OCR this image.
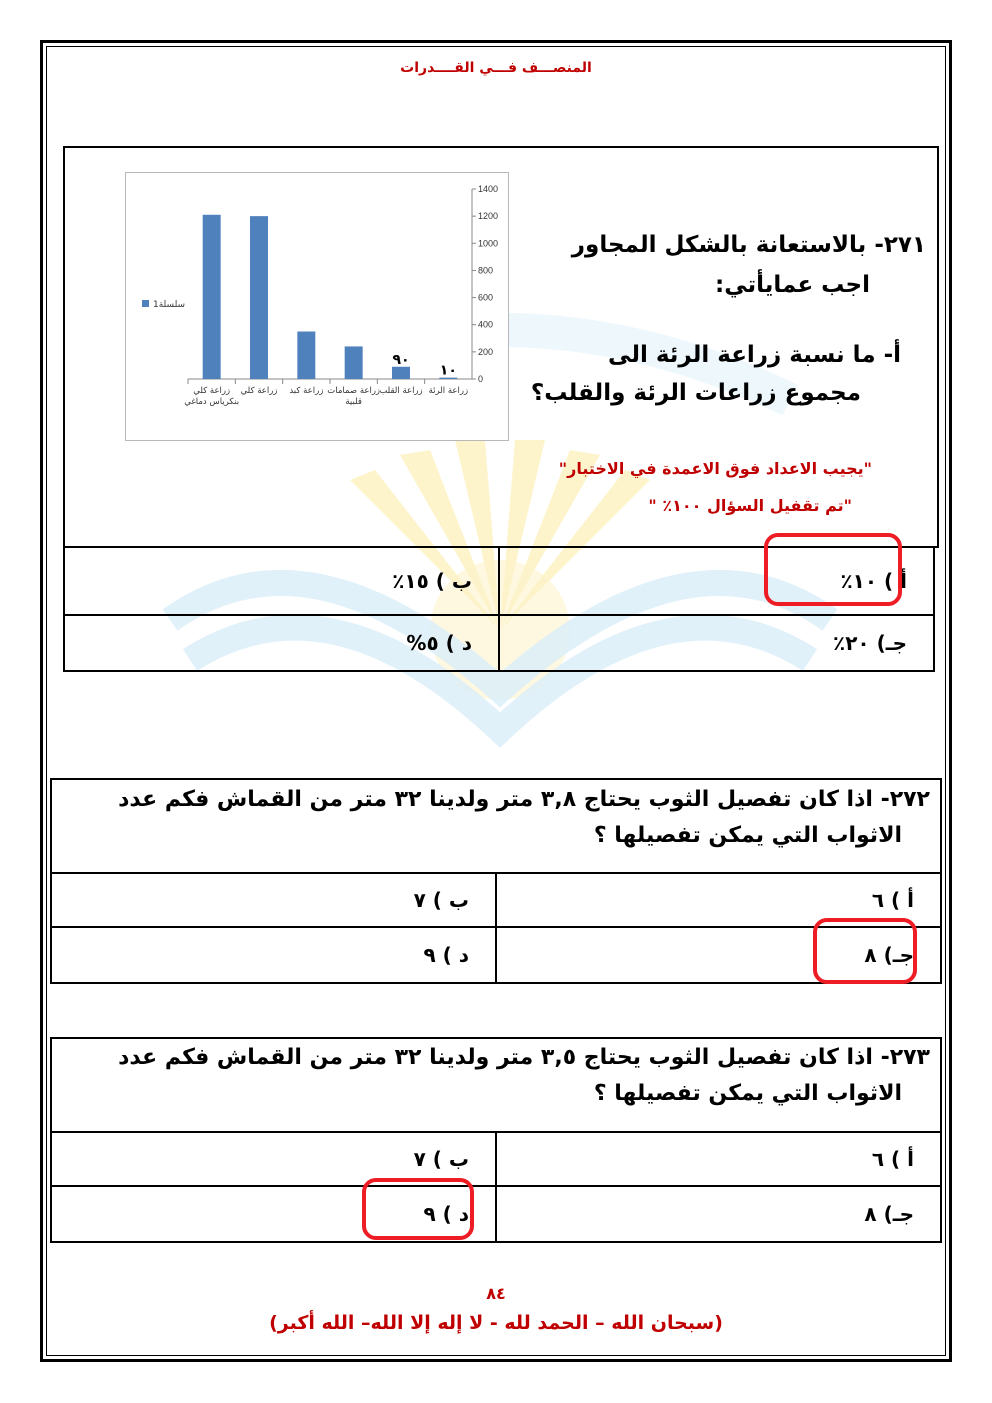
المنصـــف فـــي القــــدرات
0
200
400
600
800
1000
1200
1400
زراعة كلي
بنكرياس دماغي
زراعة كلي زراعة كبد زراعة صمامات
قلبية
زراعة القلب
٩٠
زراعة الرئة
١٠
سلسلة1
٢٧١- بالاستعانة بالشكل المجاور
اجب عمايأتي:
أ- ما نسبة زراعة الرئة الى
مجموع زراعات الرئة والقلب؟
"يجيب الاعداد فوق الاعمدة في الاختبار"
"تم تقفيل السؤال ١٠٠٪ "
أ ) ١٠٪	ب ) ١٥٪
جـ) ٢٠٪	د ) ٥%
٢٧٢- اذا كان تفصيل الثوب يحتاج ٣,٨ متر ولدينا ٣٢ متر من القماش فكم عدد
الاثواب التي يمكن تفصيلها ؟
أ ) ٦	ب ) ٧
جـ) ٨	د ) ٩
٢٧٣- اذا كان تفصيل الثوب يحتاج ٣,٥ متر ولدينا ٣٢ متر من القماش فكم عدد
الاثواب التي يمكن تفصيلها ؟
أ ) ٦	ب ) ٧
جـ) ٨	د ) ٩
٨٤
(سبحان الله – الحمد لله - لا إله إلا الله– الله أكبر)
